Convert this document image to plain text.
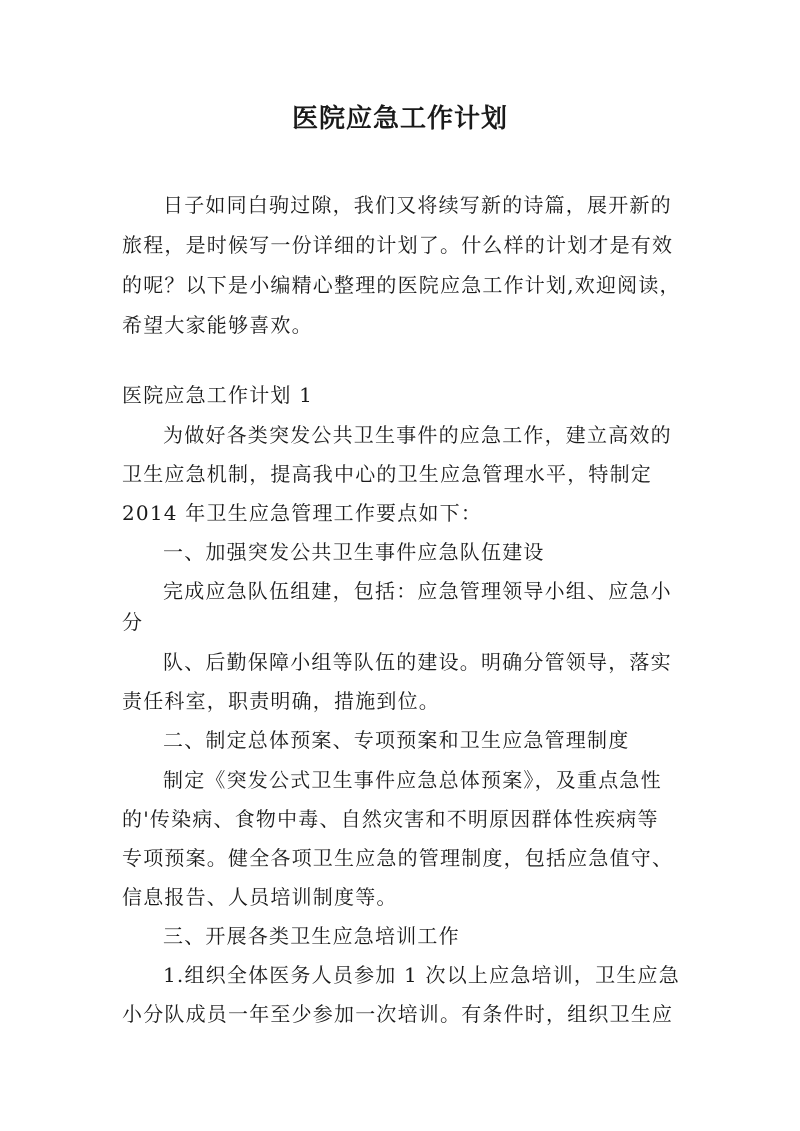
医院应急工作计划
日子如同白驹过隙，我们又将续写新的诗篇，展开新的
旅程，是时候写一份详细的计划了。什么样的计划才是有效
的呢？以下是小编精心整理的医院应急工作计划,欢迎阅读，
希望大家能够喜欢。
医院应急工作计划 1
为做好各类突发公共卫生事件的应急工作，建立高效的
卫生应急机制，提高我中心的卫生应急管理水平，特制定
2014 年卫生应急管理工作要点如下：
一、加强突发公共卫生事件应急队伍建设
完成应急队伍组建，包括：应急管理领导小组、应急小
分
队、后勤保障小组等队伍的建设。明确分管领导，落实
责任科室，职责明确，措施到位。
二、制定总体预案、专项预案和卫生应急管理制度
制定《突发公式卫生事件应急总体预案》，及重点急性
的'传染病、食物中毒、自然灾害和不明原因群体性疾病等
专项预案。健全各项卫生应急的管理制度，包括应急值守、
信息报告、人员培训制度等。
三、开展各类卫生应急培训工作
1.组织全体医务人员参加 1 次以上应急培训，卫生应急
小分队成员一年至少参加一次培训。有条件时，组织卫生应
